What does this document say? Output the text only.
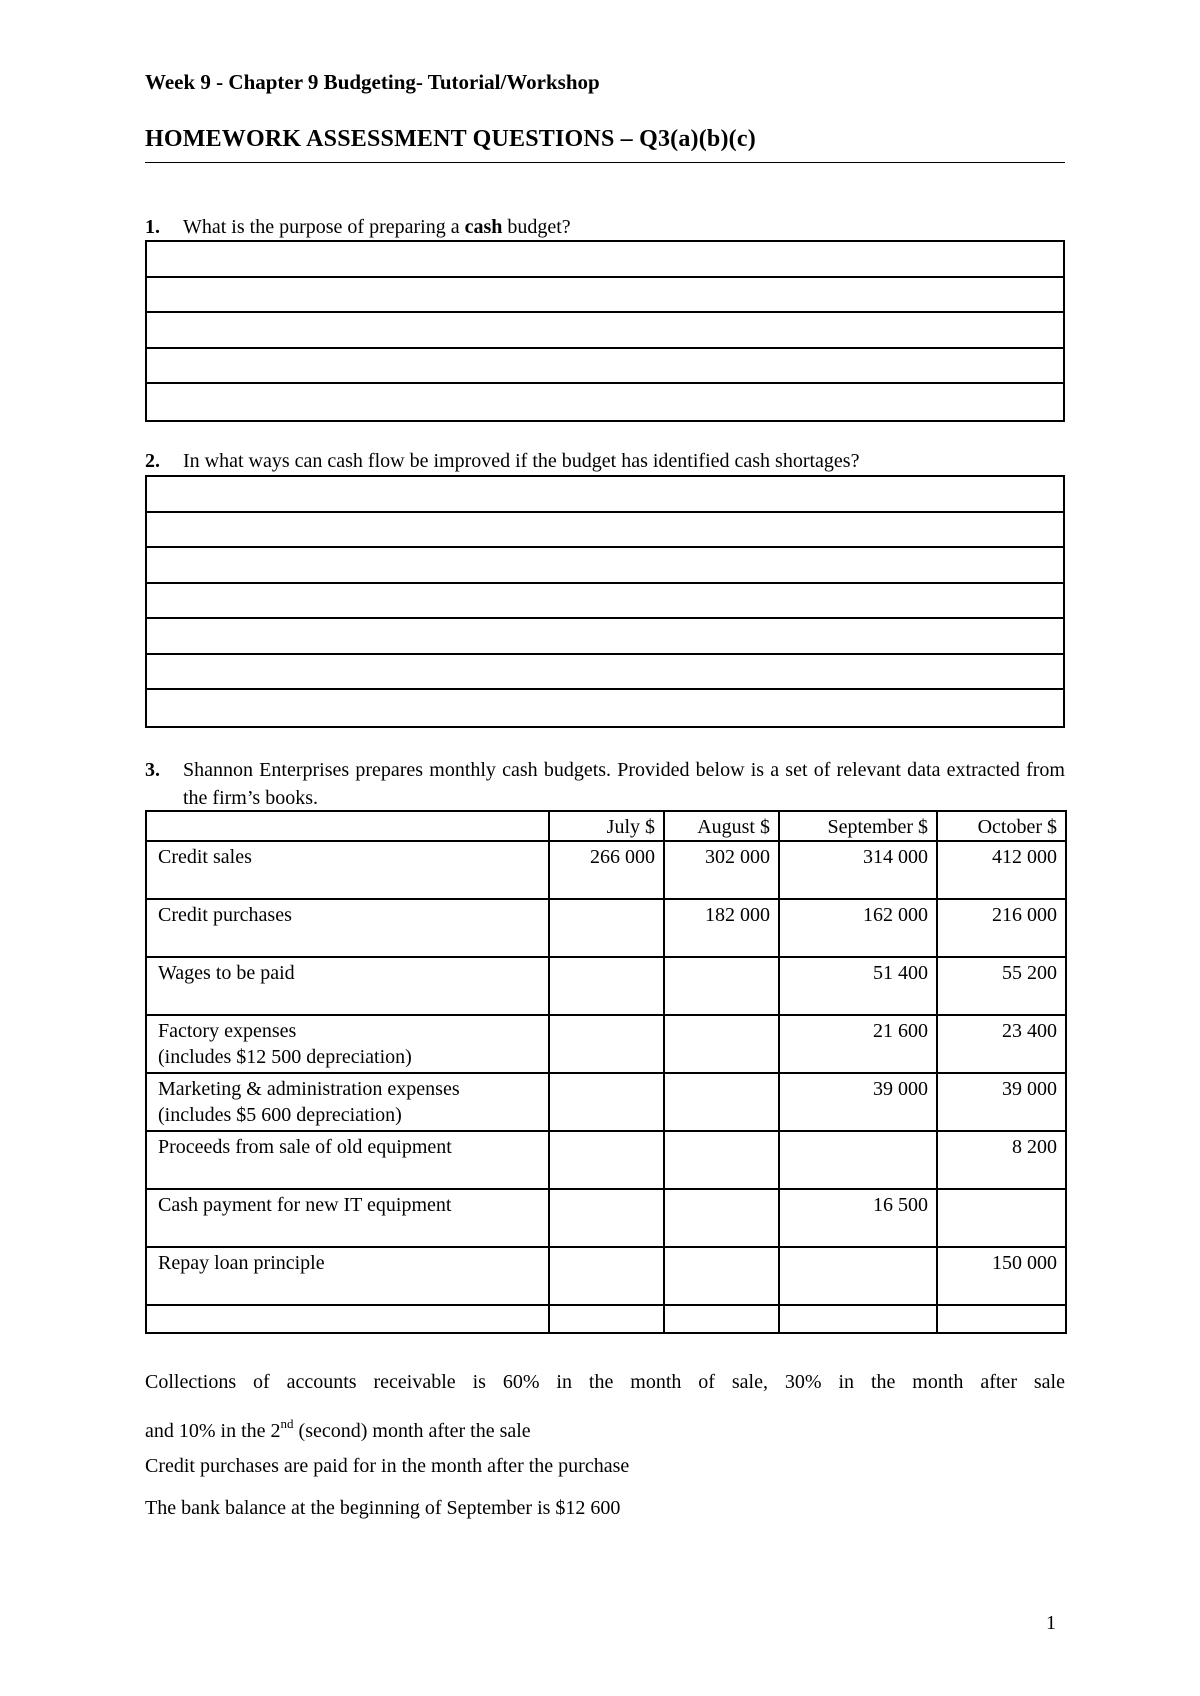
Week 9 - Chapter 9 Budgeting- Tutorial/Workshop
HOMEWORK ASSESSMENT QUESTIONS – Q3(a)(b)(c)
1. What is the purpose of preparing a cash budget?
2. In what ways can cash flow be improved if the budget has identified cash shortages?
3. Shannon Enterprises prepares monthly cash budgets. Provided below is a set of relevant data extracted from the firm’s books.
	July $	August $	September $	October $
Credit sales	266 000	302 000	314 000	412 000
Credit purchases		182 000	162 000	216 000
Wages to be paid			51 400	55 200
Factory expenses
(includes $12 500 depreciation)			21 600	23 400
Marketing & administration expenses
(includes $5 600 depreciation)			39 000	39 000
Proceeds from sale of old equipment				8 200
Cash payment for new IT equipment			16 500	
Repay loan principle				150 000

Collections of accounts receivable is 60% in the month of sale, 30% in the month after sale
and 10% in the 2nd (second) month after the sale
Credit purchases are paid for in the month after the purchase
The bank balance at the beginning of September is $12 600
1
